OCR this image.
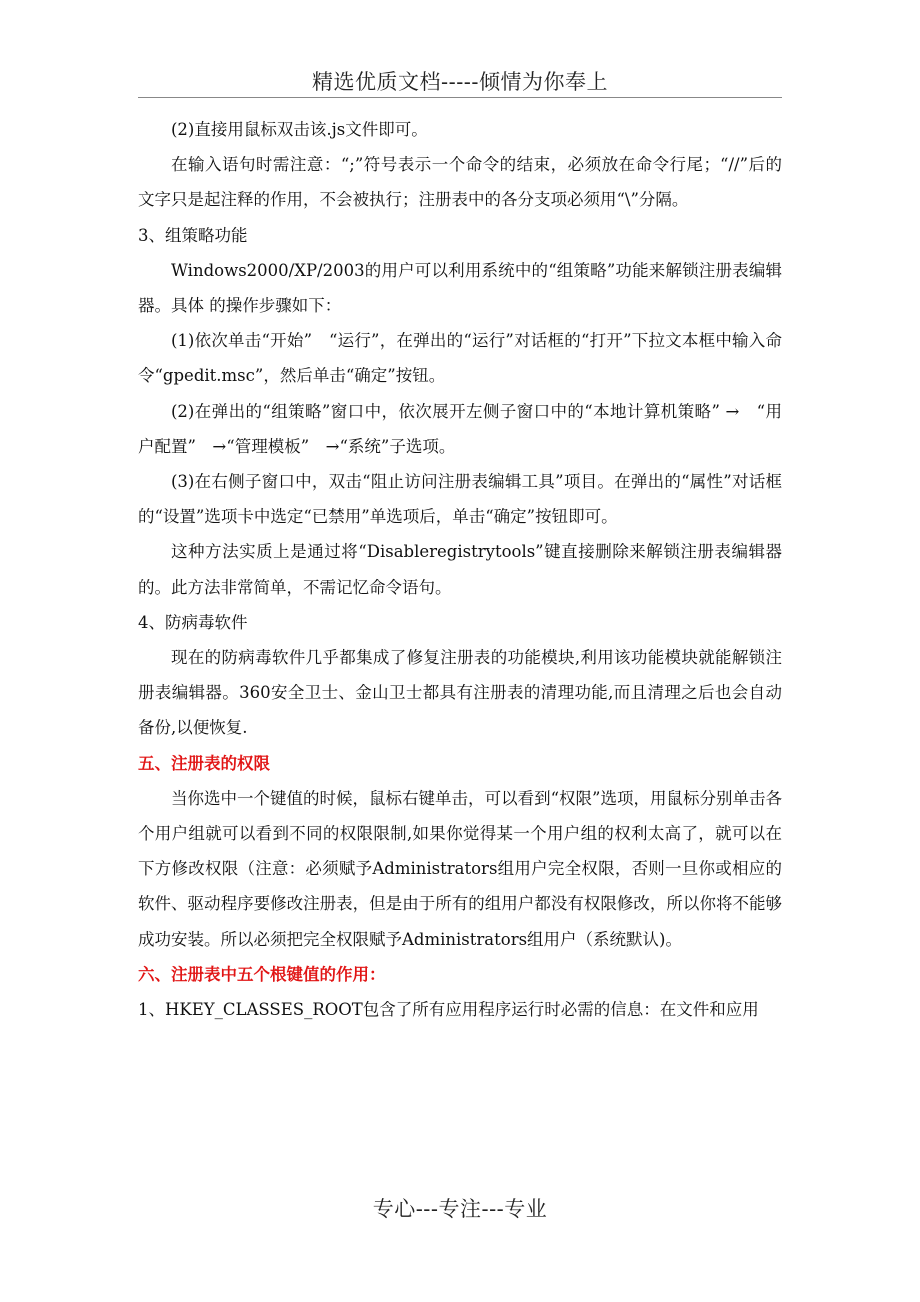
精选优质文档-----倾情为你奉上

(2)直接用鼠标双击该.js文件即可。

在输入语句时需注意：“;”符号表示一个命令的结束，必须放在命令行尾；“//”后的文字只是起注释的作用，不会被执行；注册表中的各分支项必须用“\”分隔。

3、组策略功能

Windows2000/XP/2003的用户可以利用系统中的“组策略”功能来解锁注册表编辑器。具体 的操作步骤如下：

(1)依次单击“开始”　“运行”，在弹出的“运行”对话框的“打开”下拉文本框中输入命令“gpedit.msc”，然后单击“确定”按钮。

(2)在弹出的“组策略”窗口中，依次展开左侧子窗口中的“本地计算机策略” →　“用户配置”　→“管理模板”　→“系统”子选项。

(3)在右侧子窗口中，双击“阻止访问注册表编辑工具”项目。在弹出的“属性”对话框的“设置”选项卡中选定“已禁用”单选项后，单击“确定”按钮即可。

这种方法实质上是通过将“Disableregistrytools”键直接删除来解锁注册表编辑器的。此方法非常简单，不需记忆命令语句。

4、防病毒软件

现在的防病毒软件几乎都集成了修复注册表的功能模块,利用该功能模块就能解锁注册表编辑器。360安全卫士、金山卫士都具有注册表的清理功能,而且清理之后也会自动备份,以便恢复.

五、注册表的权限

当你选中一个键值的时候，鼠标右键单击，可以看到“权限”选项，用鼠标分别单击各个用户组就可以看到不同的权限限制,如果你觉得某一个用户组的权利太高了，就可以在下方修改权限（注意：必须赋予Administrators组用户完全权限，否则一旦你或相应的软件、驱动程序要修改注册表，但是由于所有的组用户都没有权限修改，所以你将不能够成功安装。所以必须把完全权限赋予Administrators组用户（系统默认)。

六、注册表中五个根键值的作用：

1、HKEY_CLASSES_ROOT包含了所有应用程序运行时必需的信息：在文件和应用

专心---专注---专业
